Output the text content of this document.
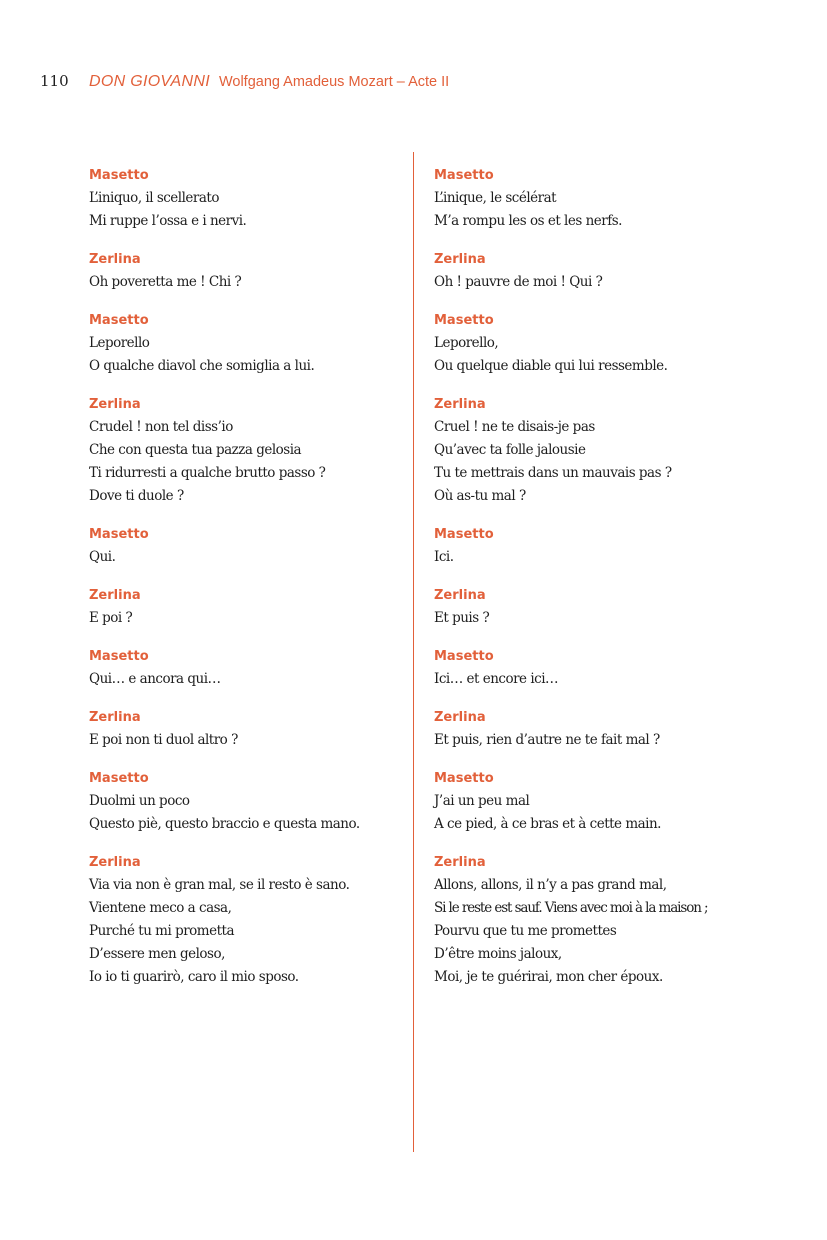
110	DON GIOVANNI Wolfgang Amadeus Mozart – Acte II
Masetto
L’iniquo, il scellerato
Mi ruppe l’ossa e i nervi.
Zerlina
Oh poveretta me ! Chi ?
Masetto
Leporello
O qualche diavol che somiglia a lui.
Zerlina
Crudel ! non tel diss’io
Che con questa tua pazza gelosia
Ti ridurresti a qualche brutto passo ?
Dove ti duole ?
Masetto
Qui.
Zerlina
E poi ?
Masetto
Qui… e ancora qui…
Zerlina
E poi non ti duol altro ?
Masetto
Duolmi un poco
Questo piè, questo braccio e questa mano.
Zerlina
Via via non è gran mal, se il resto è sano.
Vientene meco a casa,
Purché tu mi prometta
D’essere men geloso,
Io io ti guarirò, caro il mio sposo.
Masetto
L’inique, le scélérat
M’a rompu les os et les nerfs.
Zerlina
Oh ! pauvre de moi ! Qui ?
Masetto
Leporello,
Ou quelque diable qui lui ressemble.
Zerlina
Cruel ! ne te disais-je pas
Qu’avec ta folle jalousie
Tu te mettrais dans un mauvais pas ?
Où as-tu mal ?
Masetto
Ici.
Zerlina
Et puis ?
Masetto
Ici… et encore ici…
Zerlina
Et puis, rien d’autre ne te fait mal ?
Masetto
J’ai un peu mal
A ce pied, à ce bras et à cette main.
Zerlina
Allons, allons, il n’y a pas grand mal,
Si le reste est sauf. Viens avec moi à la maison ;
Pourvu que tu me promettes
D’être moins jaloux,
Moi, je te guérirai, mon cher époux.
